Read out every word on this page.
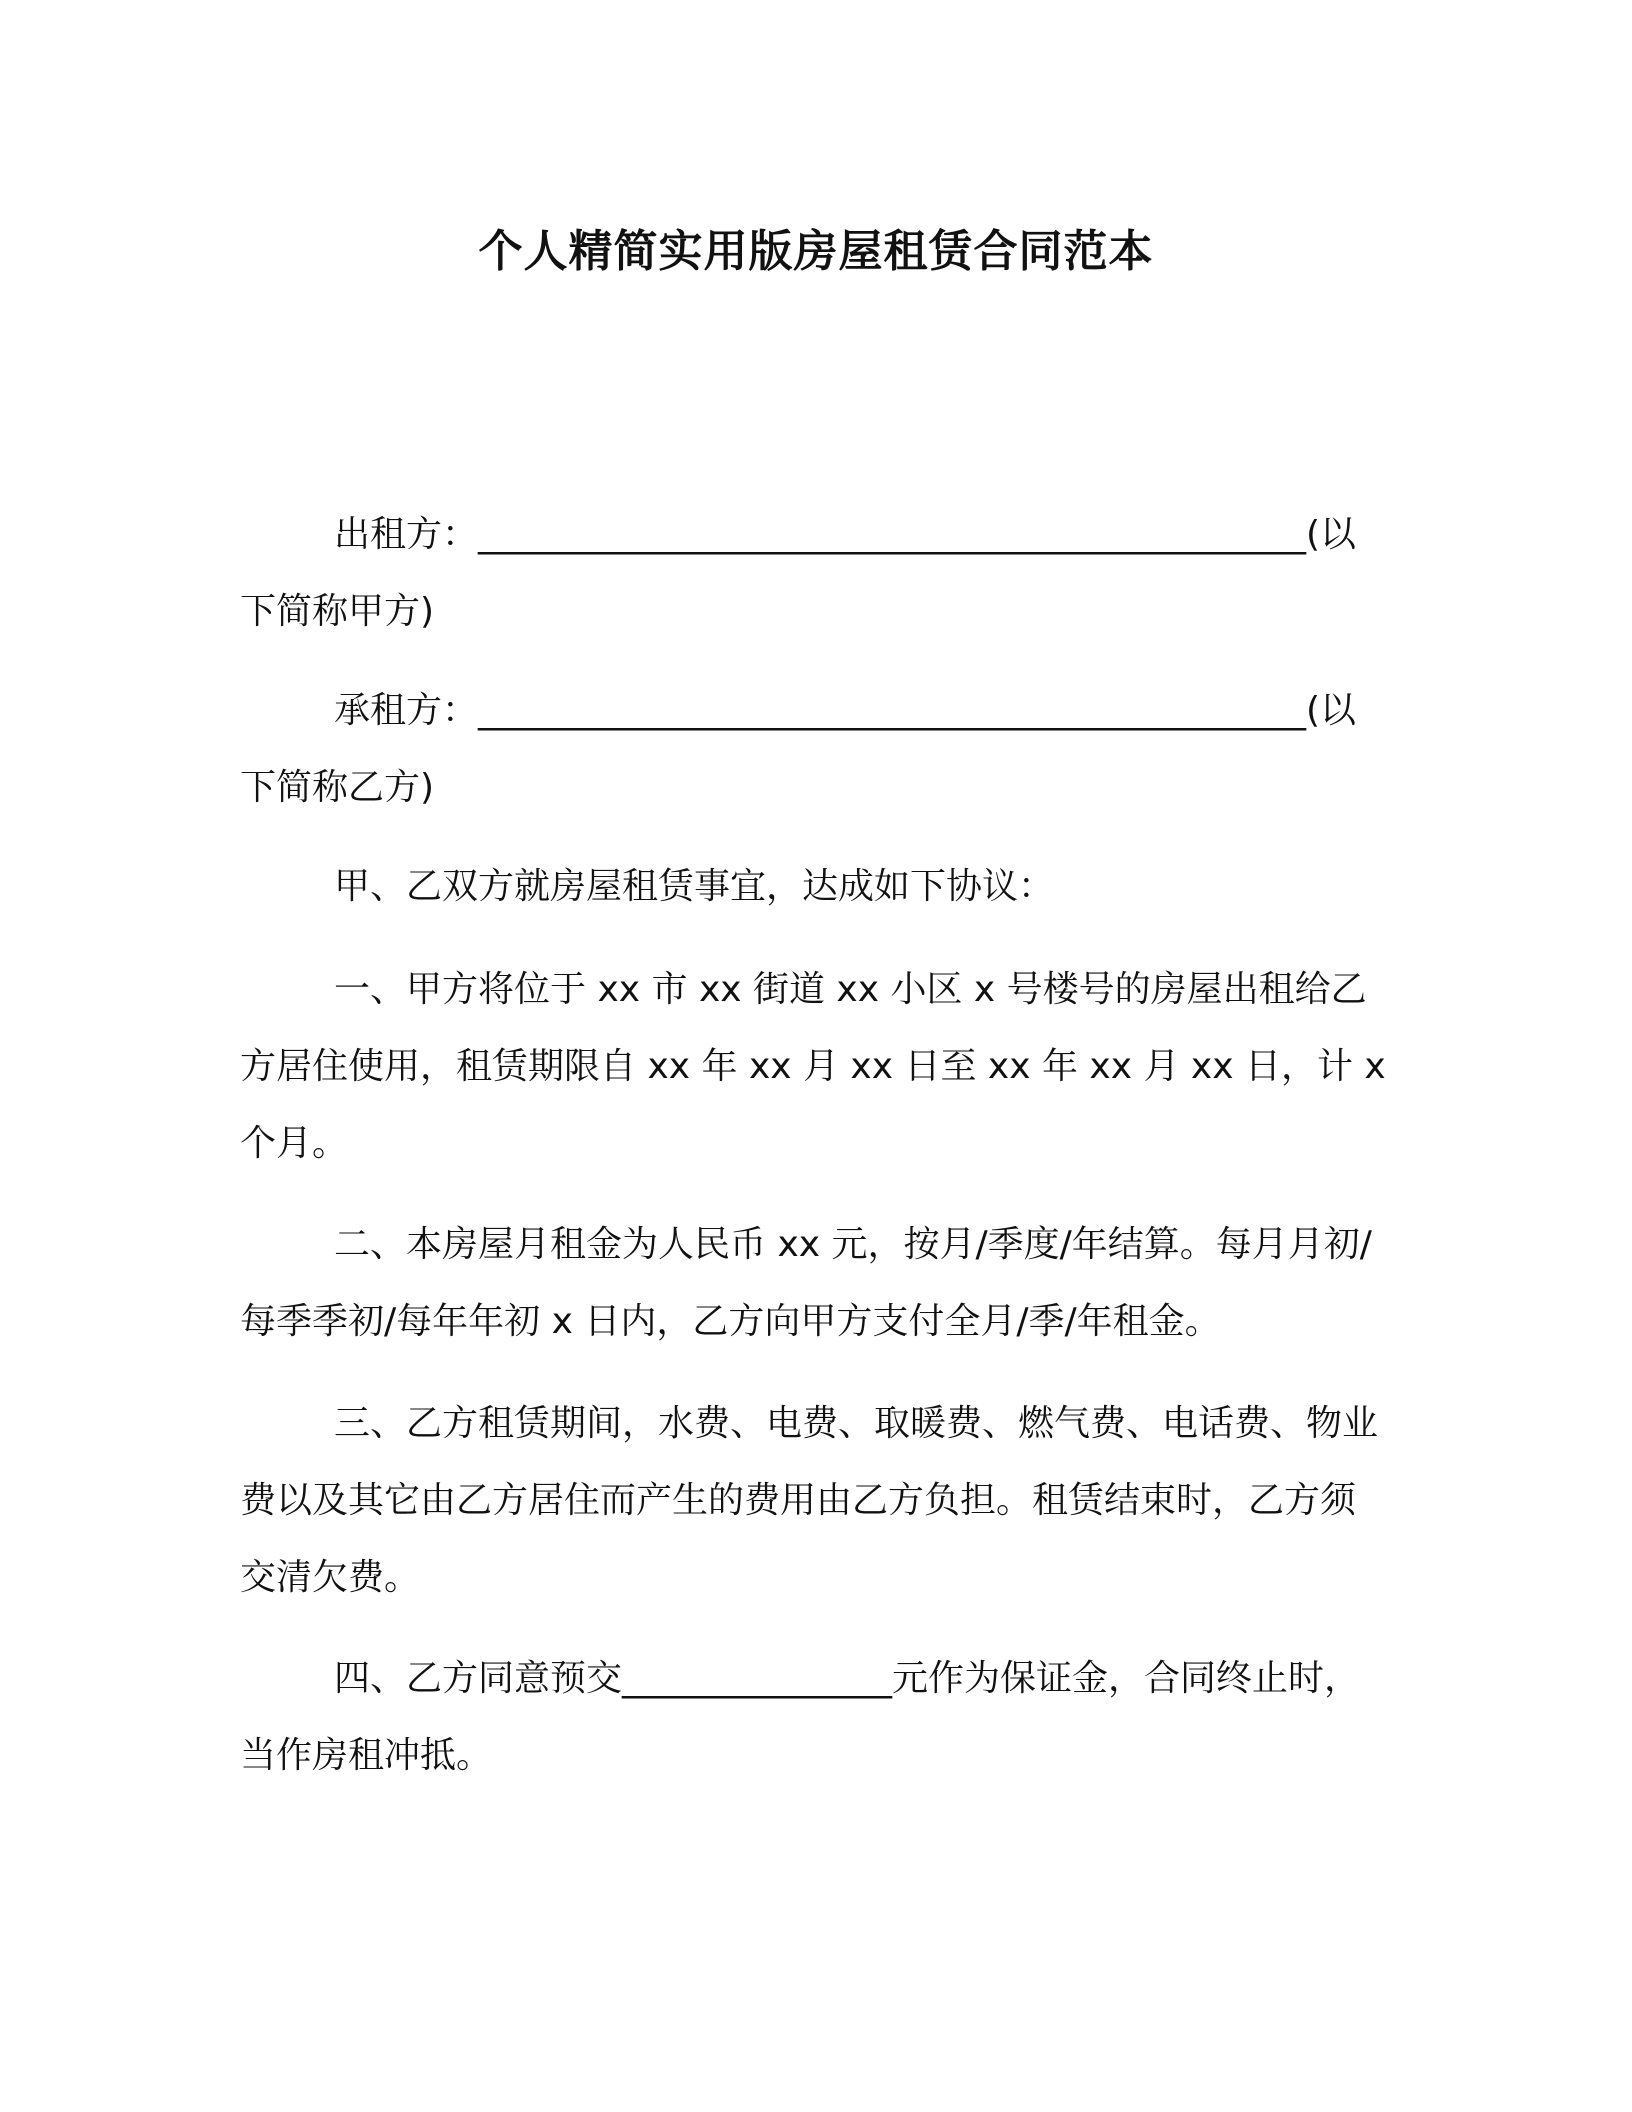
个人精简实用版房屋租赁合同范本

出租方：______________________________________________(以下简称甲方)

承租方：______________________________________________(以下简称乙方)

甲、乙双方就房屋租赁事宜，达成如下协议：

一、甲方将位于 xx 市 xx 街道 xx 小区 x 号楼号的房屋出租给乙方居住使用，租赁期限自 xx 年 xx 月 xx 日至 xx 年 xx 月 xx 日，计 x 个月。

二、本房屋月租金为人民币 xx 元，按月/季度/年结算。每月月初/每季季初/每年年初 x 日内，乙方向甲方支付全月/季/年租金。

三、乙方租赁期间，水费、电费、取暖费、燃气费、电话费、物业费以及其它由乙方居住而产生的费用由乙方负担。租赁结束时，乙方须交清欠费。

四、乙方同意预交_______________元作为保证金，合同终止时，当作房租冲抵。
